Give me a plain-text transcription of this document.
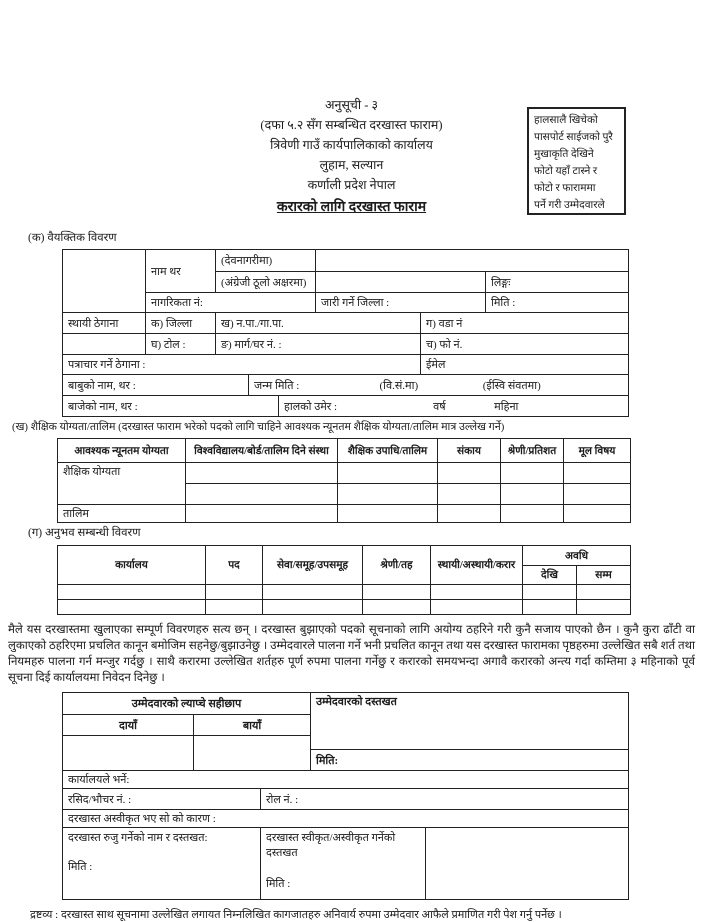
अनुसूची - ३
(दफा ५.२ सँग सम्बन्धित दरखास्त फाराम)
त्रिवेणी गाउँ कार्यपालिकाको कार्यालय
लुहाम, सल्यान
कर्णाली प्रदेश नेपाल
करारको लागि दरखास्त फाराम
हालसालै खिचेको
पासपोर्ट साईजको पुरै
मुखाकृति देखिने
फोटो यहाँ टास्ने र
फोटो र फाराममा
पर्ने गरी उम्मेदवारले
(क) वैयक्तिक विवरण
	नाम थर	(देवनागरीमा)			
		(अंग्रेजी ठूलो अक्षरमा)			लिङ्गः
	नागरिकता नं:		जारी गर्ने जिल्ला :		मिति :
स्थायी ठेगाना	क) जिल्ला	ख) न.पा./गा.पा.		ग) वडा नं	
	घ) टोल :	ङ) मार्ग/घर नं. :		च) फो नं.	
पत्राचार गर्ने ठेगाना :				ईमेल	
बाबुको नाम, थर :	जन्म मिति :	(वि.सं.मा)	(ईस्वि संवतमा)
बाजेको नाम, थर :	हालको उमेर :	वर्ष	महिना
(ख) शैक्षिक योग्यता/तालिम (दरखास्त फाराम भरेको पदको लागि चाहिने आवश्यक न्यूनतम शैक्षिक योग्यता/तालिम मात्र उल्लेख गर्ने)
आवश्यक न्यूनतम योग्यता	विश्वविद्यालय/बोर्ड/तालिम दिने संस्था	शैक्षिक उपाधि/तालिम	संकाय	श्रेणी/प्रतिशत	मूल विषय
शैक्षिक योग्यता					

तालिम					
(ग) अनुभव सम्बन्धी विवरण
कार्यालय	पद	सेवा/समूह/उपसमूह	श्रेणी/तह	स्थायी/अस्थायी/करार	अवधि	
					देखि	सम्म

मैले यस दरखास्तमा खुलाएका सम्पूर्ण विवरणहरु सत्य छन् । दरखास्त बुझाएको पदको सूचनाको लागि अयोग्य ठहरिने गरी कुनै सजाय पाएको छैन । कुनै कुरा ढाँटी वा लुकाएको ठहरिएमा प्रचलित कानून बमोजिम सहनेछु/बुझाउनेछु । उम्मेदवारले पालना गर्ने भनी प्रचलित कानून तथा यस दरखास्त फारामका पृष्ठहरुमा उल्लेखित सबै शर्त तथा नियमहरु पालना गर्न मन्जुर गर्दछु । साथै करारमा उल्लेखित शर्तहरु पूर्ण रुपमा पालना गर्नेछु र करारको समयभन्दा अगावै करारको अन्त्य गर्दा कम्तिमा ३ महिनाको पूर्व सूचना दिई कार्यालयमा निवेदन दिनेछु ।

उम्मेदवारको ल्याप्चे सहीछाप		उम्मेदवारको दस्तखत
दायाँ	बायाँ	

		मिति:
कार्यालयले भर्ने:		
रसिद/भौचर नं. :	रोल नं. :	
दरखास्त अस्वीकृत भए सो को कारण :		

दरखास्त रुजु गर्नेको नाम र दस्तखत:
मिति :

दरखास्त स्वीकृत/अस्वीकृत गर्नेको
दस्तखत
मिति :

द्रष्टव्य : दरखास्त साथ सूचनामा उल्लेखित लगायत निम्नलिखित कागजातहरु अनिवार्य रुपमा उम्मेदवार आफैले प्रमाणित गरी पेश गर्नु पर्नेछ ।
